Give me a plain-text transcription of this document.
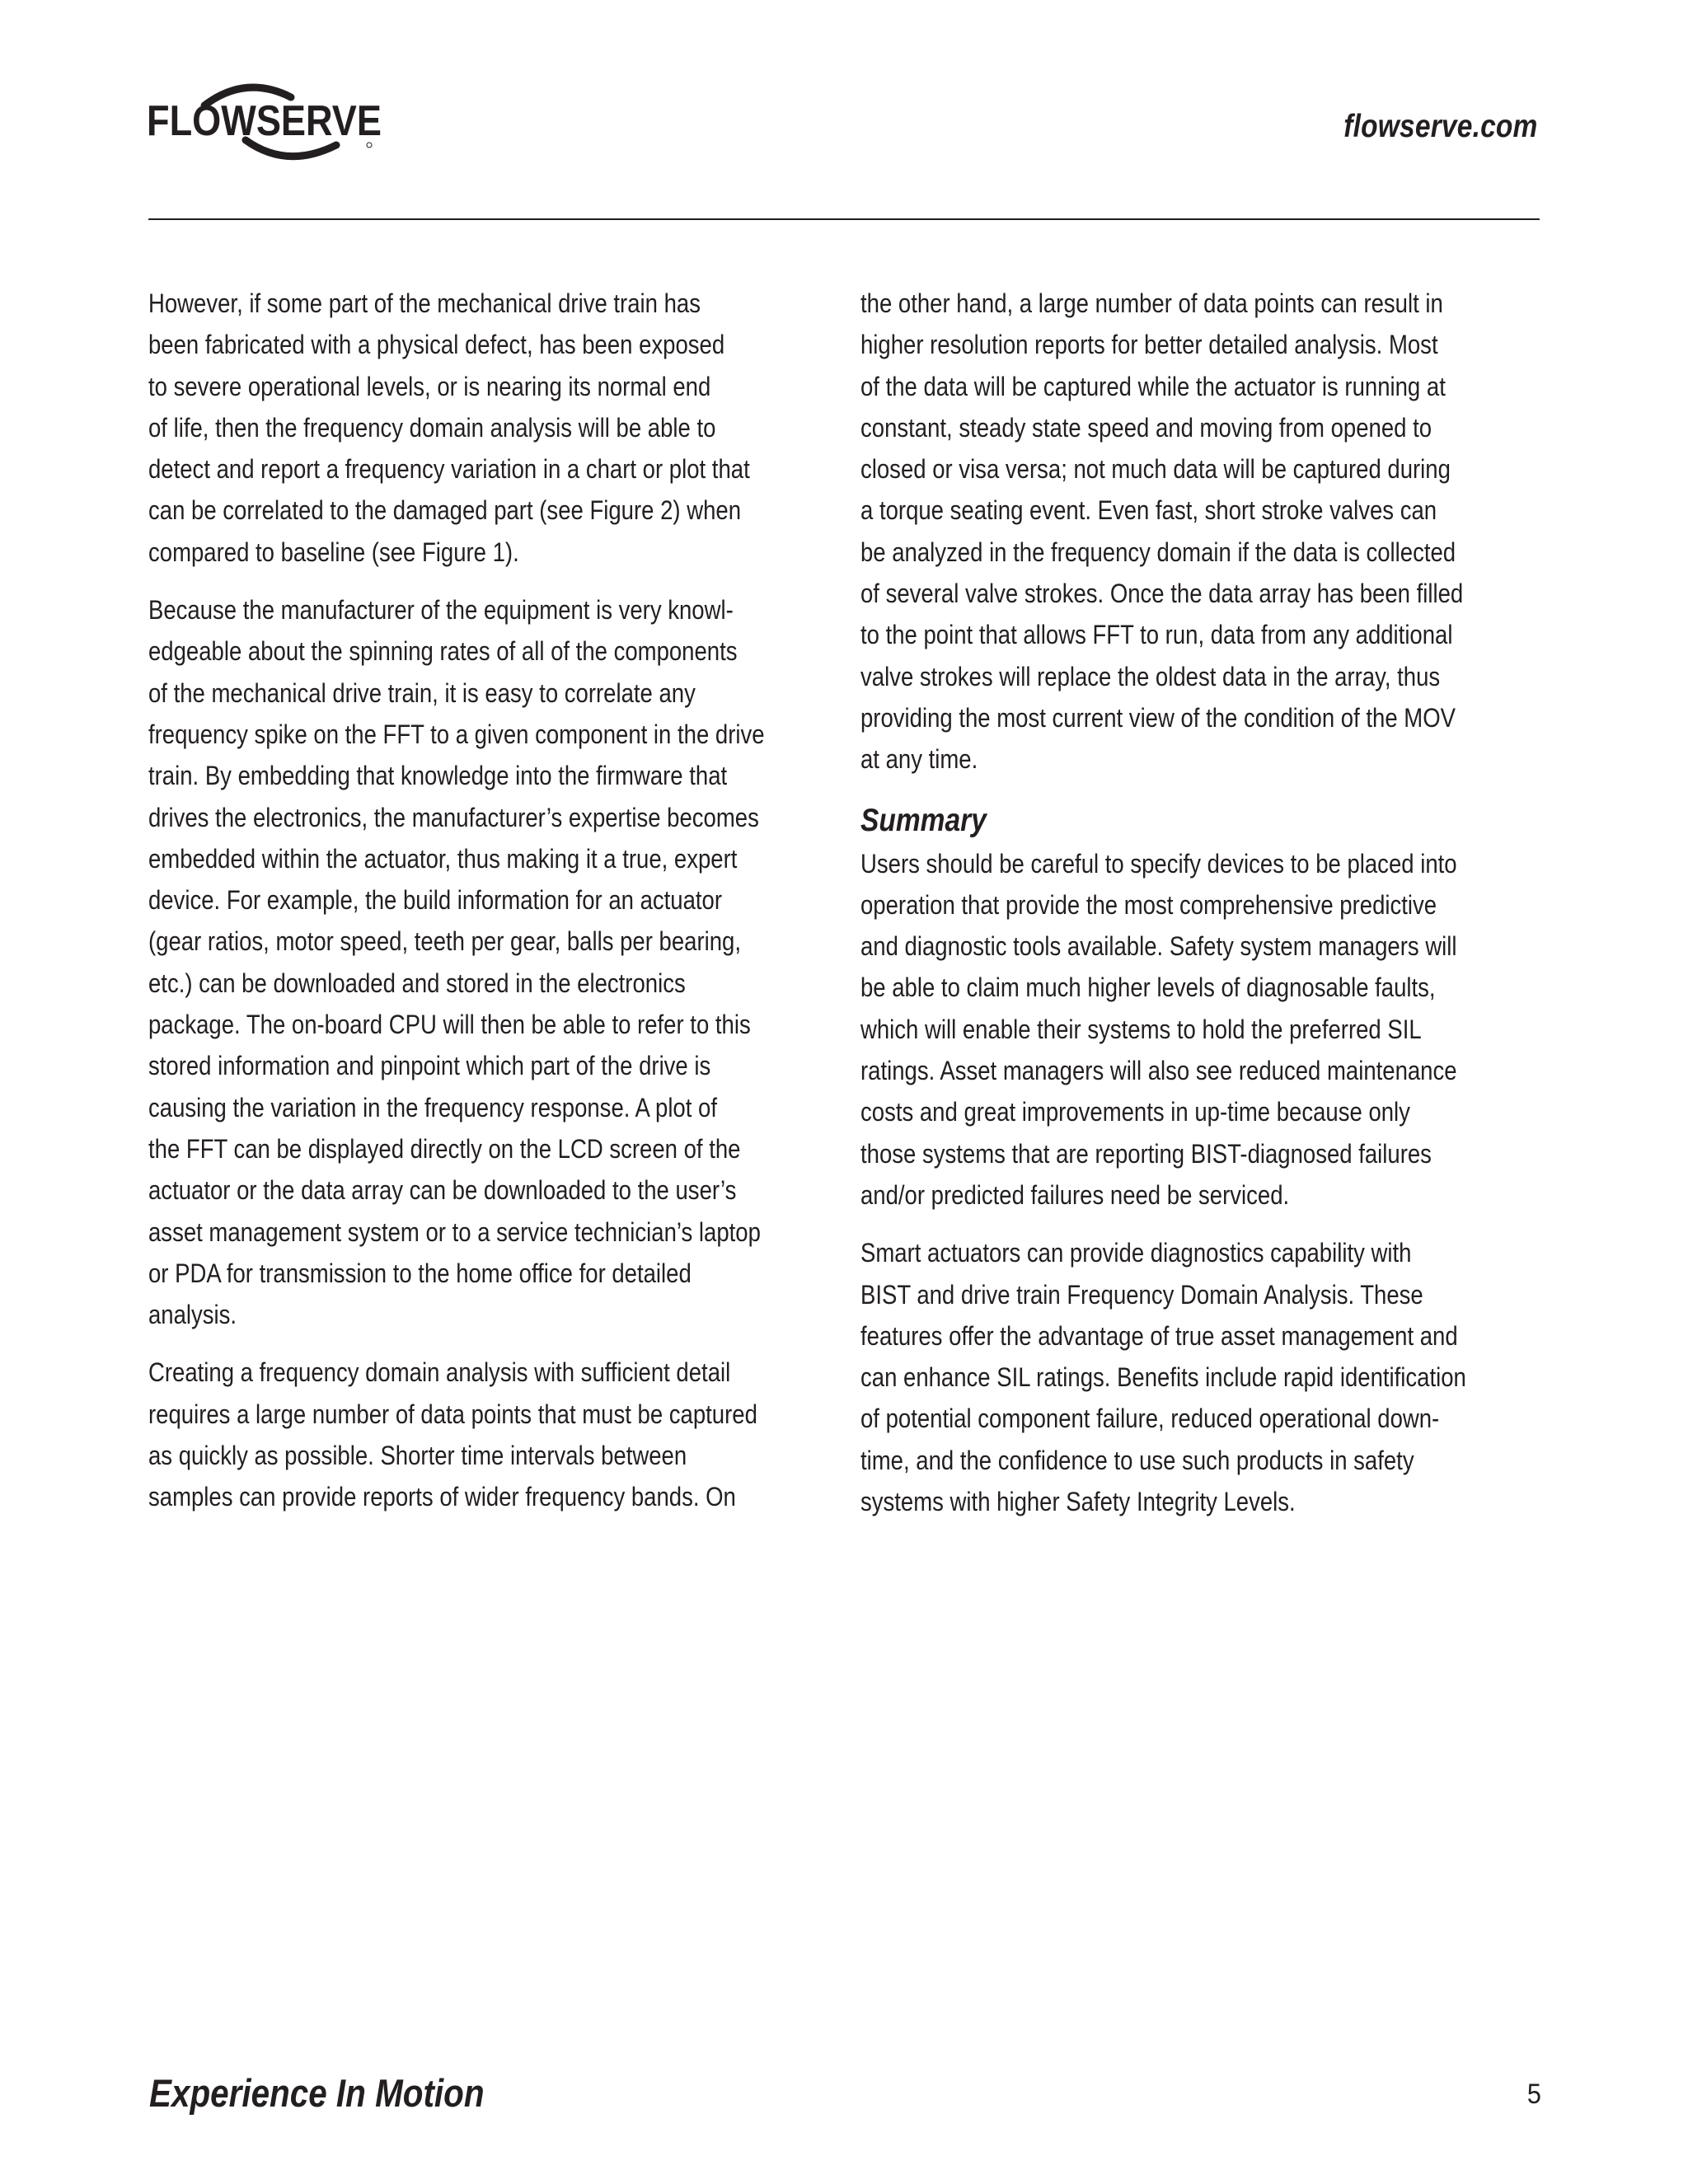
FLOWSERVE	flowserve.com

However, if some part of the mechanical drive train has
been fabricated with a physical defect, has been exposed
to severe operational levels, or is nearing its normal end
of life, then the frequency domain analysis will be able to
detect and report a frequency variation in a chart or plot that
can be correlated to the damaged part (see Figure 2) when
compared to baseline (see Figure 1).

Because the manufacturer of the equipment is very knowl-
edgeable about the spinning rates of all of the components
of the mechanical drive train, it is easy to correlate any
frequency spike on the FFT to a given component in the drive
train. By embedding that knowledge into the firmware that
drives the electronics, the manufacturer’s expertise becomes
embedded within the actuator, thus making it a true, expert
device. For example, the build information for an actuator
(gear ratios, motor speed, teeth per gear, balls per bearing,
etc.) can be downloaded and stored in the electronics
package. The on-board CPU will then be able to refer to this
stored information and pinpoint which part of the drive is
causing the variation in the frequency response. A plot of
the FFT can be displayed directly on the LCD screen of the
actuator or the data array can be downloaded to the user’s
asset management system or to a service technician’s laptop
or PDA for transmission to the home office for detailed
analysis.

Creating a frequency domain analysis with sufficient detail
requires a large number of data points that must be captured
as quickly as possible. Shorter time intervals between
samples can provide reports of wider frequency bands. On

the other hand, a large number of data points can result in
higher resolution reports for better detailed analysis. Most
of the data will be captured while the actuator is running at
constant, steady state speed and moving from opened to
closed or visa versa; not much data will be captured during
a torque seating event. Even fast, short stroke valves can
be analyzed in the frequency domain if the data is collected
of several valve strokes. Once the data array has been filled
to the point that allows FFT to run, data from any additional
valve strokes will replace the oldest data in the array, thus
providing the most current view of the condition of the MOV
at any time.

Summary

Users should be careful to specify devices to be placed into
operation that provide the most comprehensive predictive
and diagnostic tools available. Safety system managers will
be able to claim much higher levels of diagnosable faults,
which will enable their systems to hold the preferred SIL
ratings. Asset managers will also see reduced maintenance
costs and great improvements in up-time because only
those systems that are reporting BIST-diagnosed failures
and/or predicted failures need be serviced.

Smart actuators can provide diagnostics capability with
BIST and drive train Frequency Domain Analysis. These
features offer the advantage of true asset management and
can enhance SIL ratings. Benefits include rapid identification
of potential component failure, reduced operational down-
time, and the confidence to use such products in safety
systems with higher Safety Integrity Levels.

Experience In Motion	5
